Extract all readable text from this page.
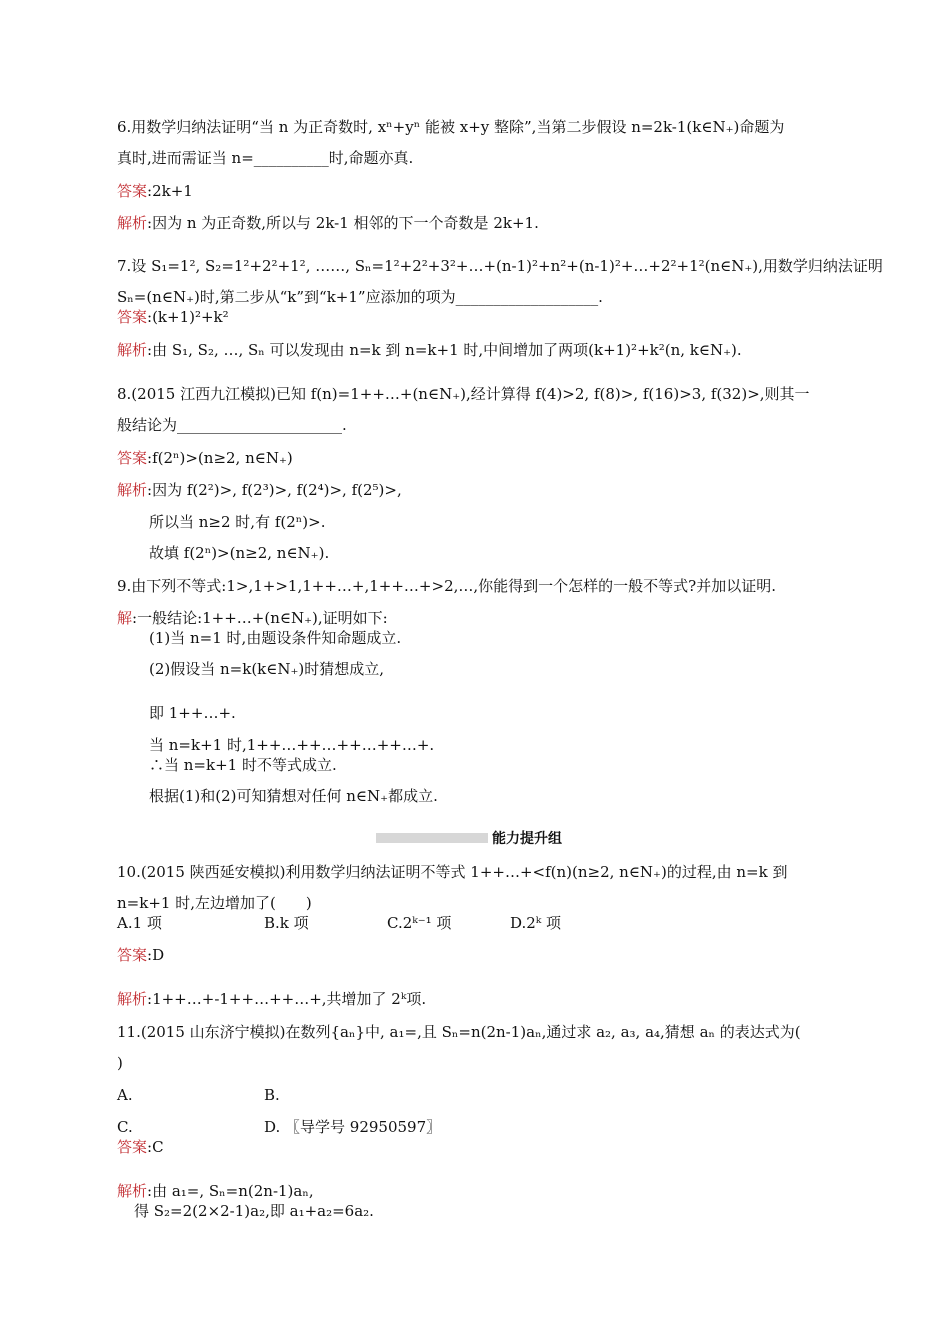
6.用数学归纳法证明“当 n 为正奇数时, xⁿ+yⁿ 能被 x+y 整除”,当第二步假设 n=2k-1(k∈N₊)命题为
真时,进而需证当 n=__________时,命题亦真.
答案:2k+1
解析:因为 n 为正奇数,所以与 2k-1 相邻的下一个奇数是 2k+1.
7.设 S₁=1², S₂=1²+2²+1², ……, Sₙ=1²+2²+3²+…+(n-1)²+n²+(n-1)²+…+2²+1²(n∈N₊),用数学归纳法证明
Sₙ=(n∈N₊)时,第二步从“k”到“k+1”应添加的项为___________________.
答案:(k+1)²+k²
解析:由 S₁, S₂, …, Sₙ 可以发现由 n=k 到 n=k+1 时,中间增加了两项(k+1)²+k²(n, k∈N₊).
8.(2015 江西九江模拟)已知 f(n)=1++…+(n∈N₊),经计算得 f(4)>2, f(8)>, f(16)>3, f(32)>,则其一
般结论为______________________.
答案:f(2ⁿ)>(n≥2, n∈N₊)
解析:因为 f(2²)>, f(2³)>, f(2⁴)>, f(2⁵)>,
所以当 n≥2 时,有 f(2ⁿ)>.
故填 f(2ⁿ)>(n≥2, n∈N₊).
9.由下列不等式:1>,1+>1,1++…+,1++…+>2,…,你能得到一个怎样的一般不等式?并加以证明.
解:一般结论:1++…+(n∈N₊),证明如下:
(1)当 n=1 时,由题设条件知命题成立.
(2)假设当 n=k(k∈N₊)时猜想成立,
即 1++…+.
当 n=k+1 时,1++…++…++…++…+.
∴当 n=k+1 时不等式成立.
根据(1)和(2)可知猜想对任何 n∈N₊都成立.
能力提升组
10.(2015 陕西延安模拟)利用数学归纳法证明不等式 1++…+<f(n)(n≥2, n∈N₊)的过程,由 n=k 到
n=k+1 时,左边增加了(　　)
A.1 项	B.k 项	C.2ᵏ⁻¹ 项	D.2ᵏ 项
答案:D
解析:1++…+-1++…++…+,共增加了 2ᵏ项.
11.(2015 山东济宁模拟)在数列{aₙ}中, a₁=,且 Sₙ=n(2n-1)aₙ,通过求 a₂, a₃, a₄,猜想 aₙ 的表达式为(
)
A.	B.
C.	D. 〖导学号 92950597〗
答案:C
解析:由 a₁=, Sₙ=n(2n-1)aₙ,
得 S₂=2(2×2-1)a₂,即 a₁+a₂=6a₂.
